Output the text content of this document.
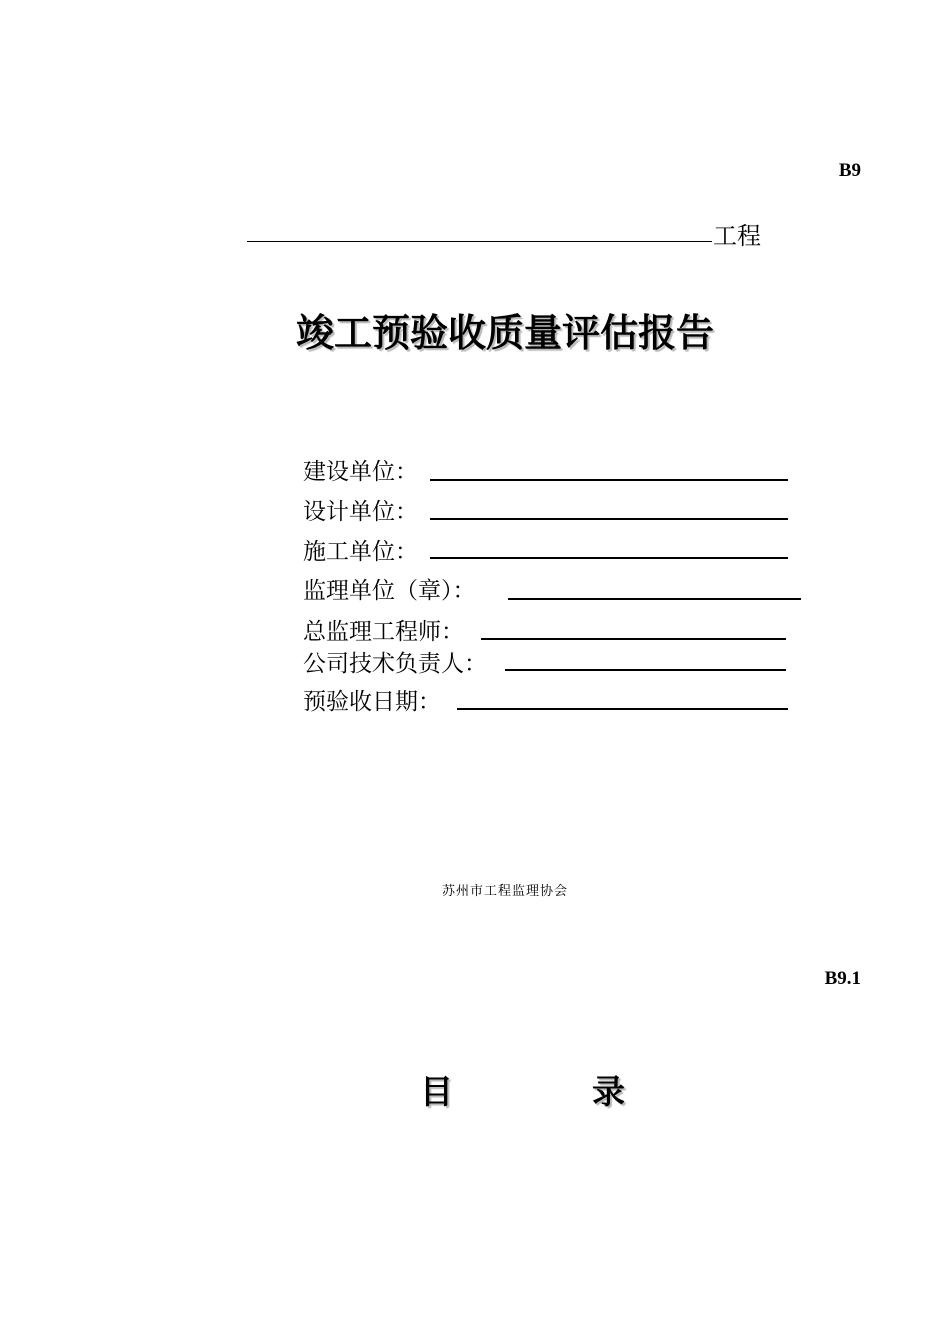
B9
工程
竣工预验收质量评估报告
建设单位：
设计单位：
施工单位：
监理单位（章）：
总监理工程师：
公司技术负责人：
预验收日期：
苏州市工程监理协会
B9.1
目	录
